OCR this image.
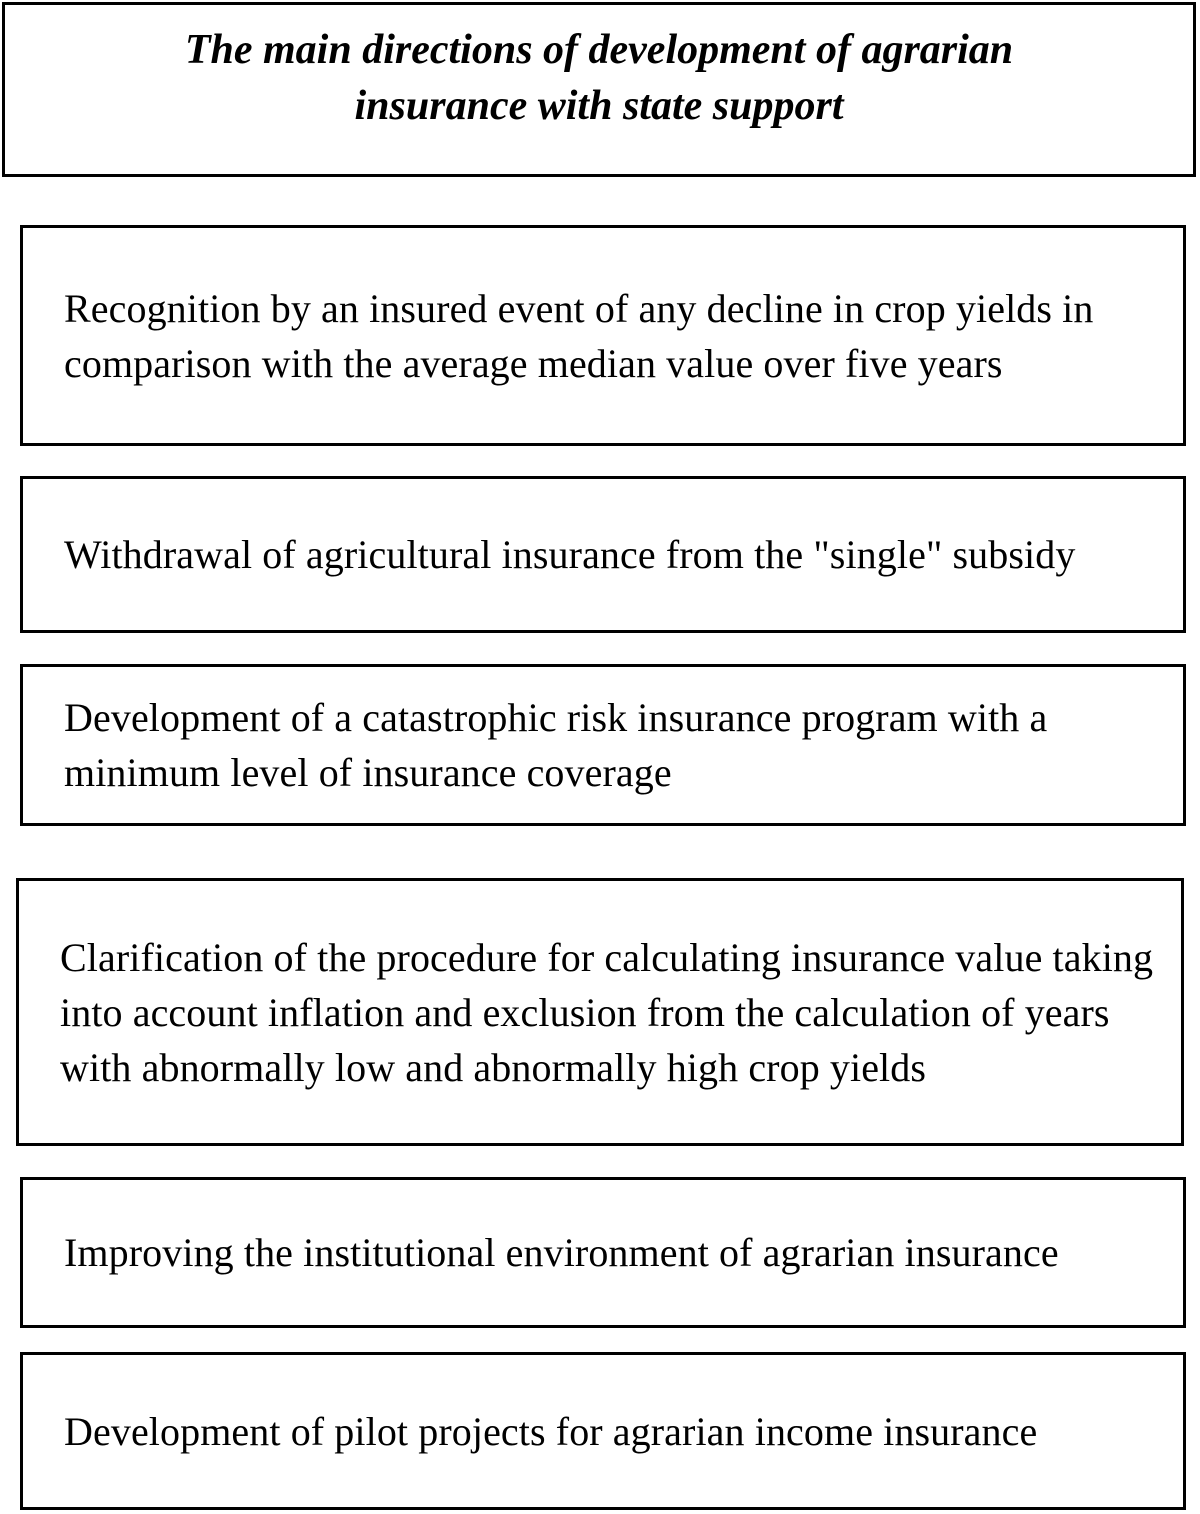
The main directions of development of agrarian insurance with state support
Recognition by an insured event of any decline in crop yields in comparison with the average median value over five years
Withdrawal of agricultural insurance from the "single" subsidy
Development of a catastrophic risk insurance program with a minimum level of insurance coverage
Clarification of the procedure for calculating insurance value taking into account inflation and exclusion from the calculation of years with abnormally low and abnormally high crop yields
Improving the institutional environment of agrarian insurance
Development of pilot projects for agrarian income insurance
